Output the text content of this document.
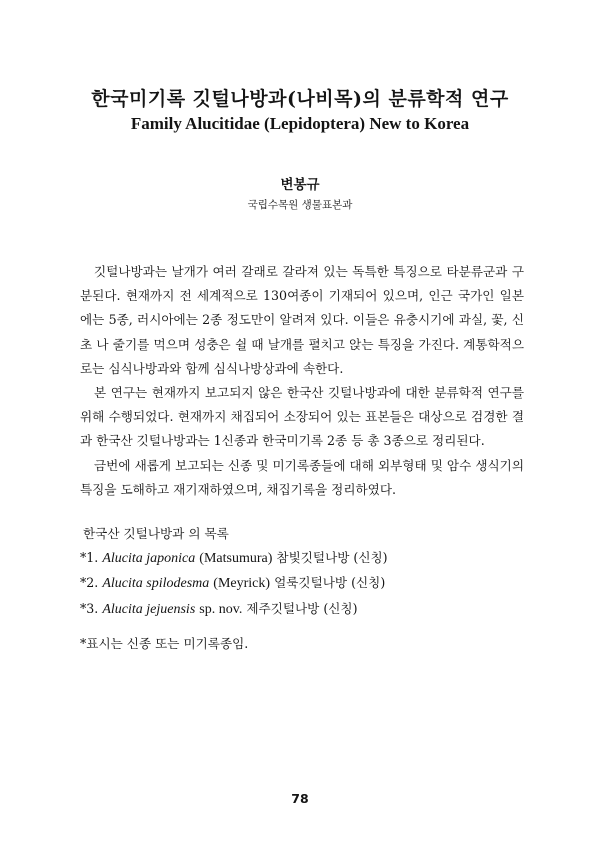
한국미기록 깃털나방과(나비목)의 분류학적 연구
Family Alucitidae (Lepidoptera) New to Korea
변봉규
국립수목원 생물표본과

깃털나방과는 날개가 여러 갈래로 갈라져 있는 독특한 특징으로 타분류군과 구분된다. 현재까지 전 세계적으로 130여종이 기재되어 있으며, 인근 국가인 일본에는 5종, 러시아에는 2종 정도만이 알려져 있다. 이들은 유충시기에 과실, 꽃, 신초 나 줄기를 먹으며 성충은 쉴 때 날개를 펼치고 앉는 특징을 가진다. 계통학적으로는 심식나방과와 함께 심식나방상과에 속한다.

본 연구는 현재까지 보고되지 않은 한국산 깃털나방과에 대한 분류학적 연구를 위해 수행되었다. 현재까지 채집되어 소장되어 있는 표본들은 대상으로 검경한 결과 한국산 깃털나방과는 1신종과 한국미기록 2종 등 총 3종으로 정리된다.

금번에 새롭게 보고되는 신종 및 미기록종들에 대해 외부형태 및 암수 생식기의 특징을 도해하고 재기재하였으며, 채집기록을 정리하였다.

한국산 깃털나방과 의 목록
*1. Alucita japonica (Matsumura) 참빛깃털나방 (신칭)
*2. Alucita spilodesma (Meyrick) 얼룩깃털나방 (신칭)
*3. Alucita jejuensis sp. nov. 제주깃털나방 (신칭)
*표시는 신종 또는 미기록종임.
78
